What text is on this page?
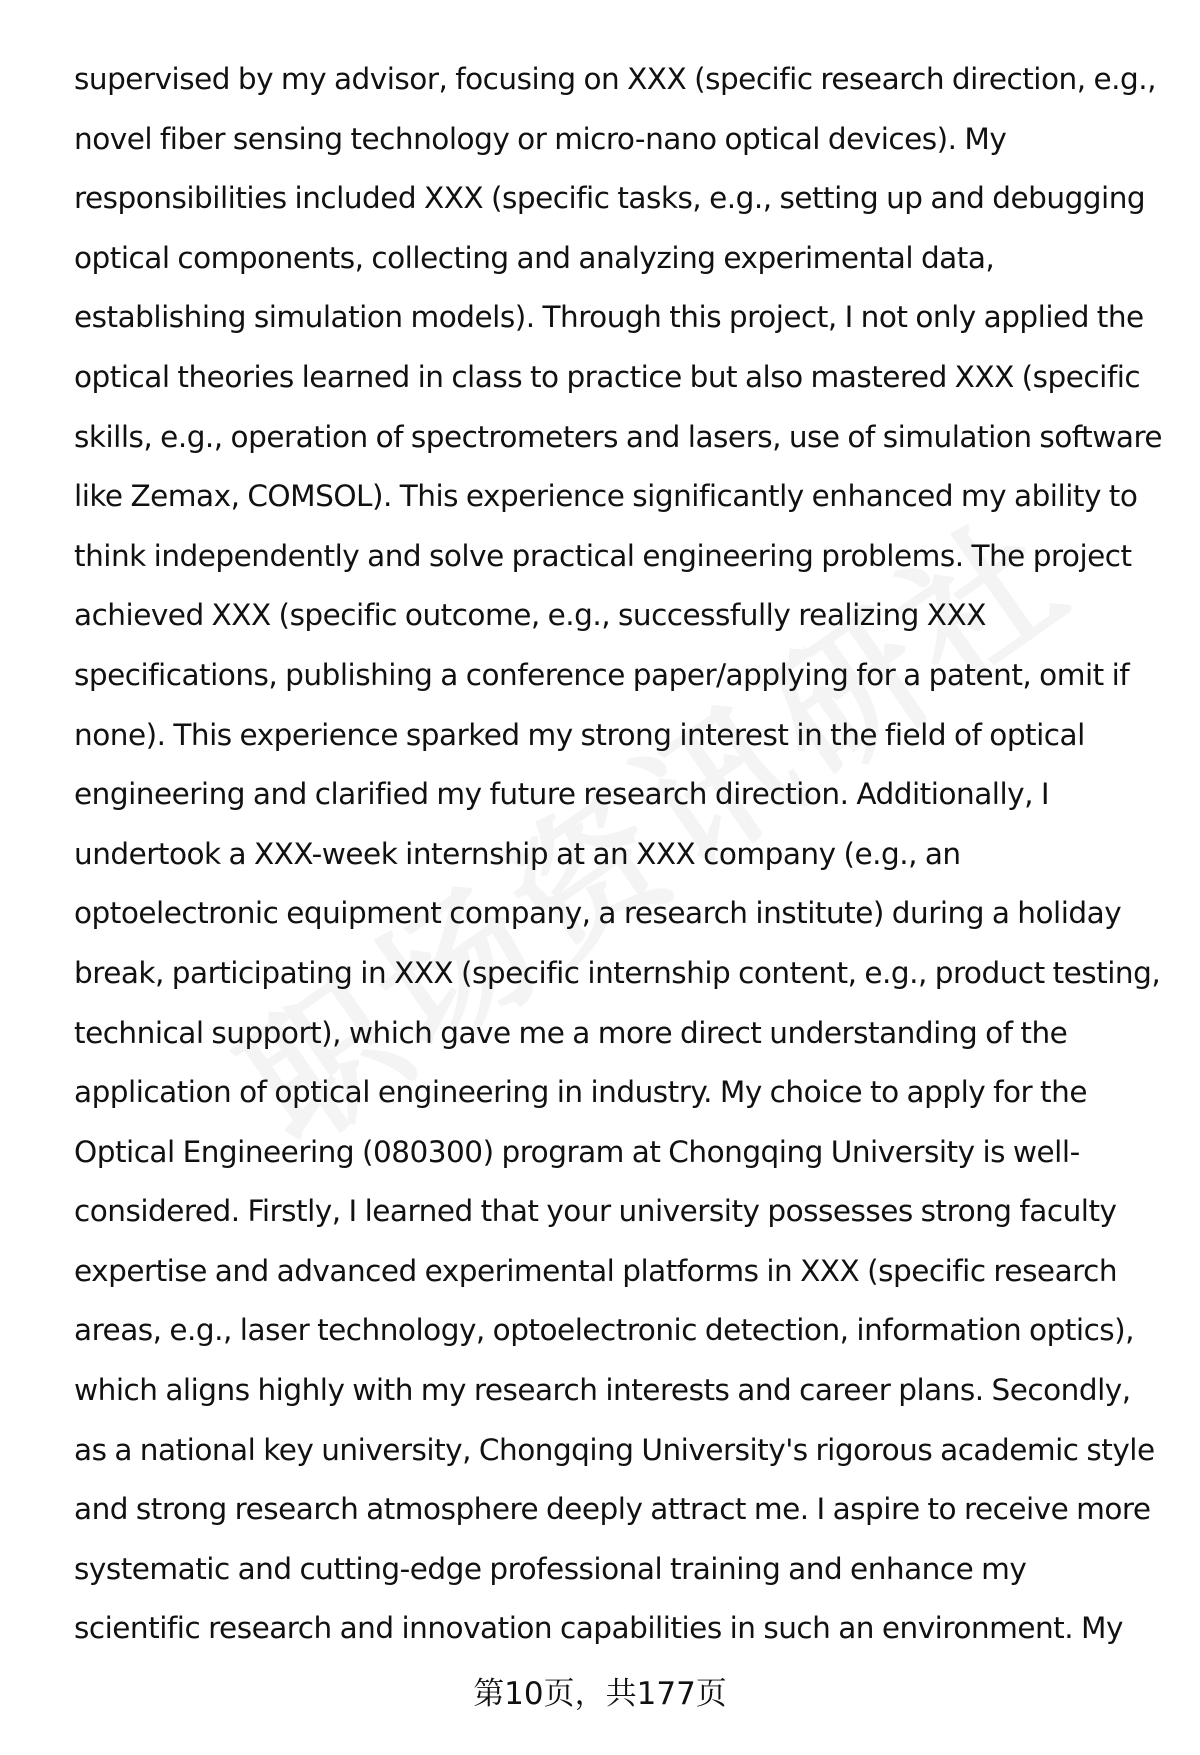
supervised by my advisor, focusing on XXX (specific research direction, e.g.,
novel fiber sensing technology or micro-nano optical devices). My
responsibilities included XXX (specific tasks, e.g., setting up and debugging
optical components, collecting and analyzing experimental data,
establishing simulation models). Through this project, I not only applied the
optical theories learned in class to practice but also mastered XXX (specific
skills, e.g., operation of spectrometers and lasers, use of simulation software
like Zemax, COMSOL). This experience significantly enhanced my ability to
think independently and solve practical engineering problems. The project
achieved XXX (specific outcome, e.g., successfully realizing XXX
specifications, publishing a conference paper/applying for a patent, omit if
none). This experience sparked my strong interest in the field of optical
engineering and clarified my future research direction. Additionally, I
undertook a XXX-week internship at an XXX company (e.g., an
optoelectronic equipment company, a research institute) during a holiday
break, participating in XXX (specific internship content, e.g., product testing,
technical support), which gave me a more direct understanding of the
application of optical engineering in industry. My choice to apply for the
Optical Engineering (080300) program at Chongqing University is well-
considered. Firstly, I learned that your university possesses strong faculty
expertise and advanced experimental platforms in XXX (specific research
areas, e.g., laser technology, optoelectronic detection, information optics),
which aligns highly with my research interests and career plans. Secondly,
as a national key university, Chongqing University's rigorous academic style
and strong research atmosphere deeply attract me. I aspire to receive more
systematic and cutting-edge professional training and enhance my
scientific research and innovation capabilities in such an environment. My
第10页，共177页
